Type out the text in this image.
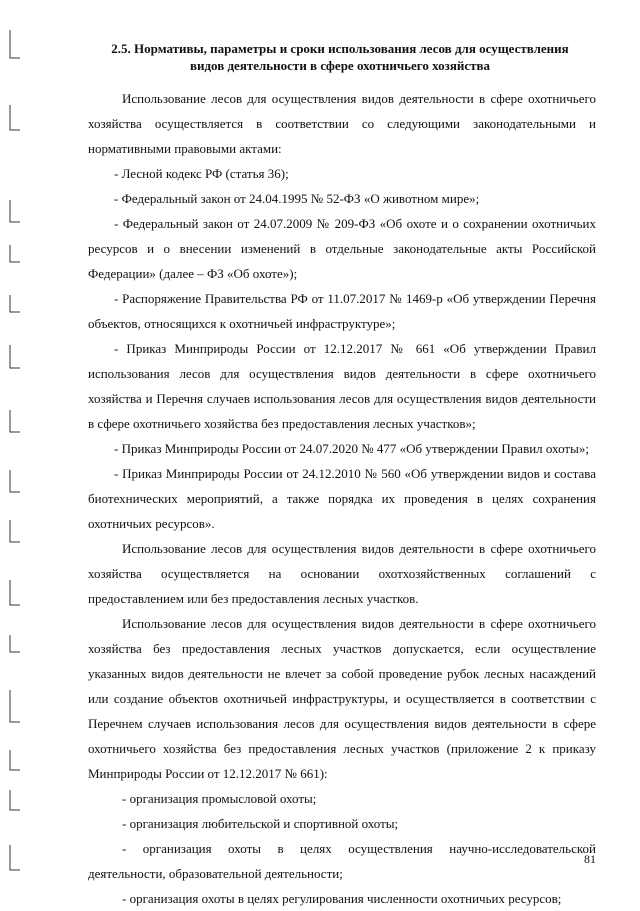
2.5. Нормативы, параметры и сроки использования лесов для осуществления
видов деятельности в сфере охотничьего хозяйства

Использование лесов для осуществления видов деятельности в сфере охотничьего хозяйства осуществляется в соответствии со следующими законодательными и нормативными правовыми актами:

- Лесной кодекс РФ (статья 36);

- Федеральный закон от 24.04.1995 № 52-ФЗ «О животном мире»;

- Федеральный закон от 24.07.2009 № 209-ФЗ «Об охоте и о сохранении охотничьих ресурсов и о внесении изменений в отдельные законодательные акты Российской Федерации» (далее – ФЗ «Об охоте»);

- Распоряжение Правительства РФ от 11.07.2017 № 1469-р «Об утверждении Перечня объектов, относящихся к охотничьей инфраструктуре»;

- Приказ Минприроды России от 12.12.2017 № 661 «Об утверждении Правил использования лесов для осуществления видов деятельности в сфере охотничьего хозяйства и Перечня случаев использования лесов для осуществления видов деятельности в сфере охотничьего хозяйства без предоставления лесных участков»;

- Приказ Минприроды России от 24.07.2020 № 477 «Об утверждении Правил охоты»;

- Приказ Минприроды России от 24.12.2010 № 560 «Об утверждении видов и состава биотехнических мероприятий, а также порядка их проведения в целях сохранения охотничьих ресурсов».

Использование лесов для осуществления видов деятельности в сфере охотничьего хозяйства осуществляется на основании охотхозяйственных соглашений с предоставлением или без предоставления лесных участков.

Использование лесов для осуществления видов деятельности в сфере охотничьего хозяйства без предоставления лесных участков допускается, если осуществление указанных видов деятельности не влечет за собой проведение рубок лесных насаждений или создание объектов охотничьей инфраструктуры, и осуществляется в соответствии с Перечнем случаев использования лесов для осуществления видов деятельности в сфере охотничьего хозяйства без предоставления лесных участков (приложение 2 к приказу Минприроды России от 12.12.2017 № 661):

- организация промысловой охоты;

- организация любительской и спортивной охоты;

- организация охоты в целях осуществления научно-исследовательской деятельности, образовательной деятельности;

- организация охоты в целях регулирования численности охотничьих ресурсов;

81
